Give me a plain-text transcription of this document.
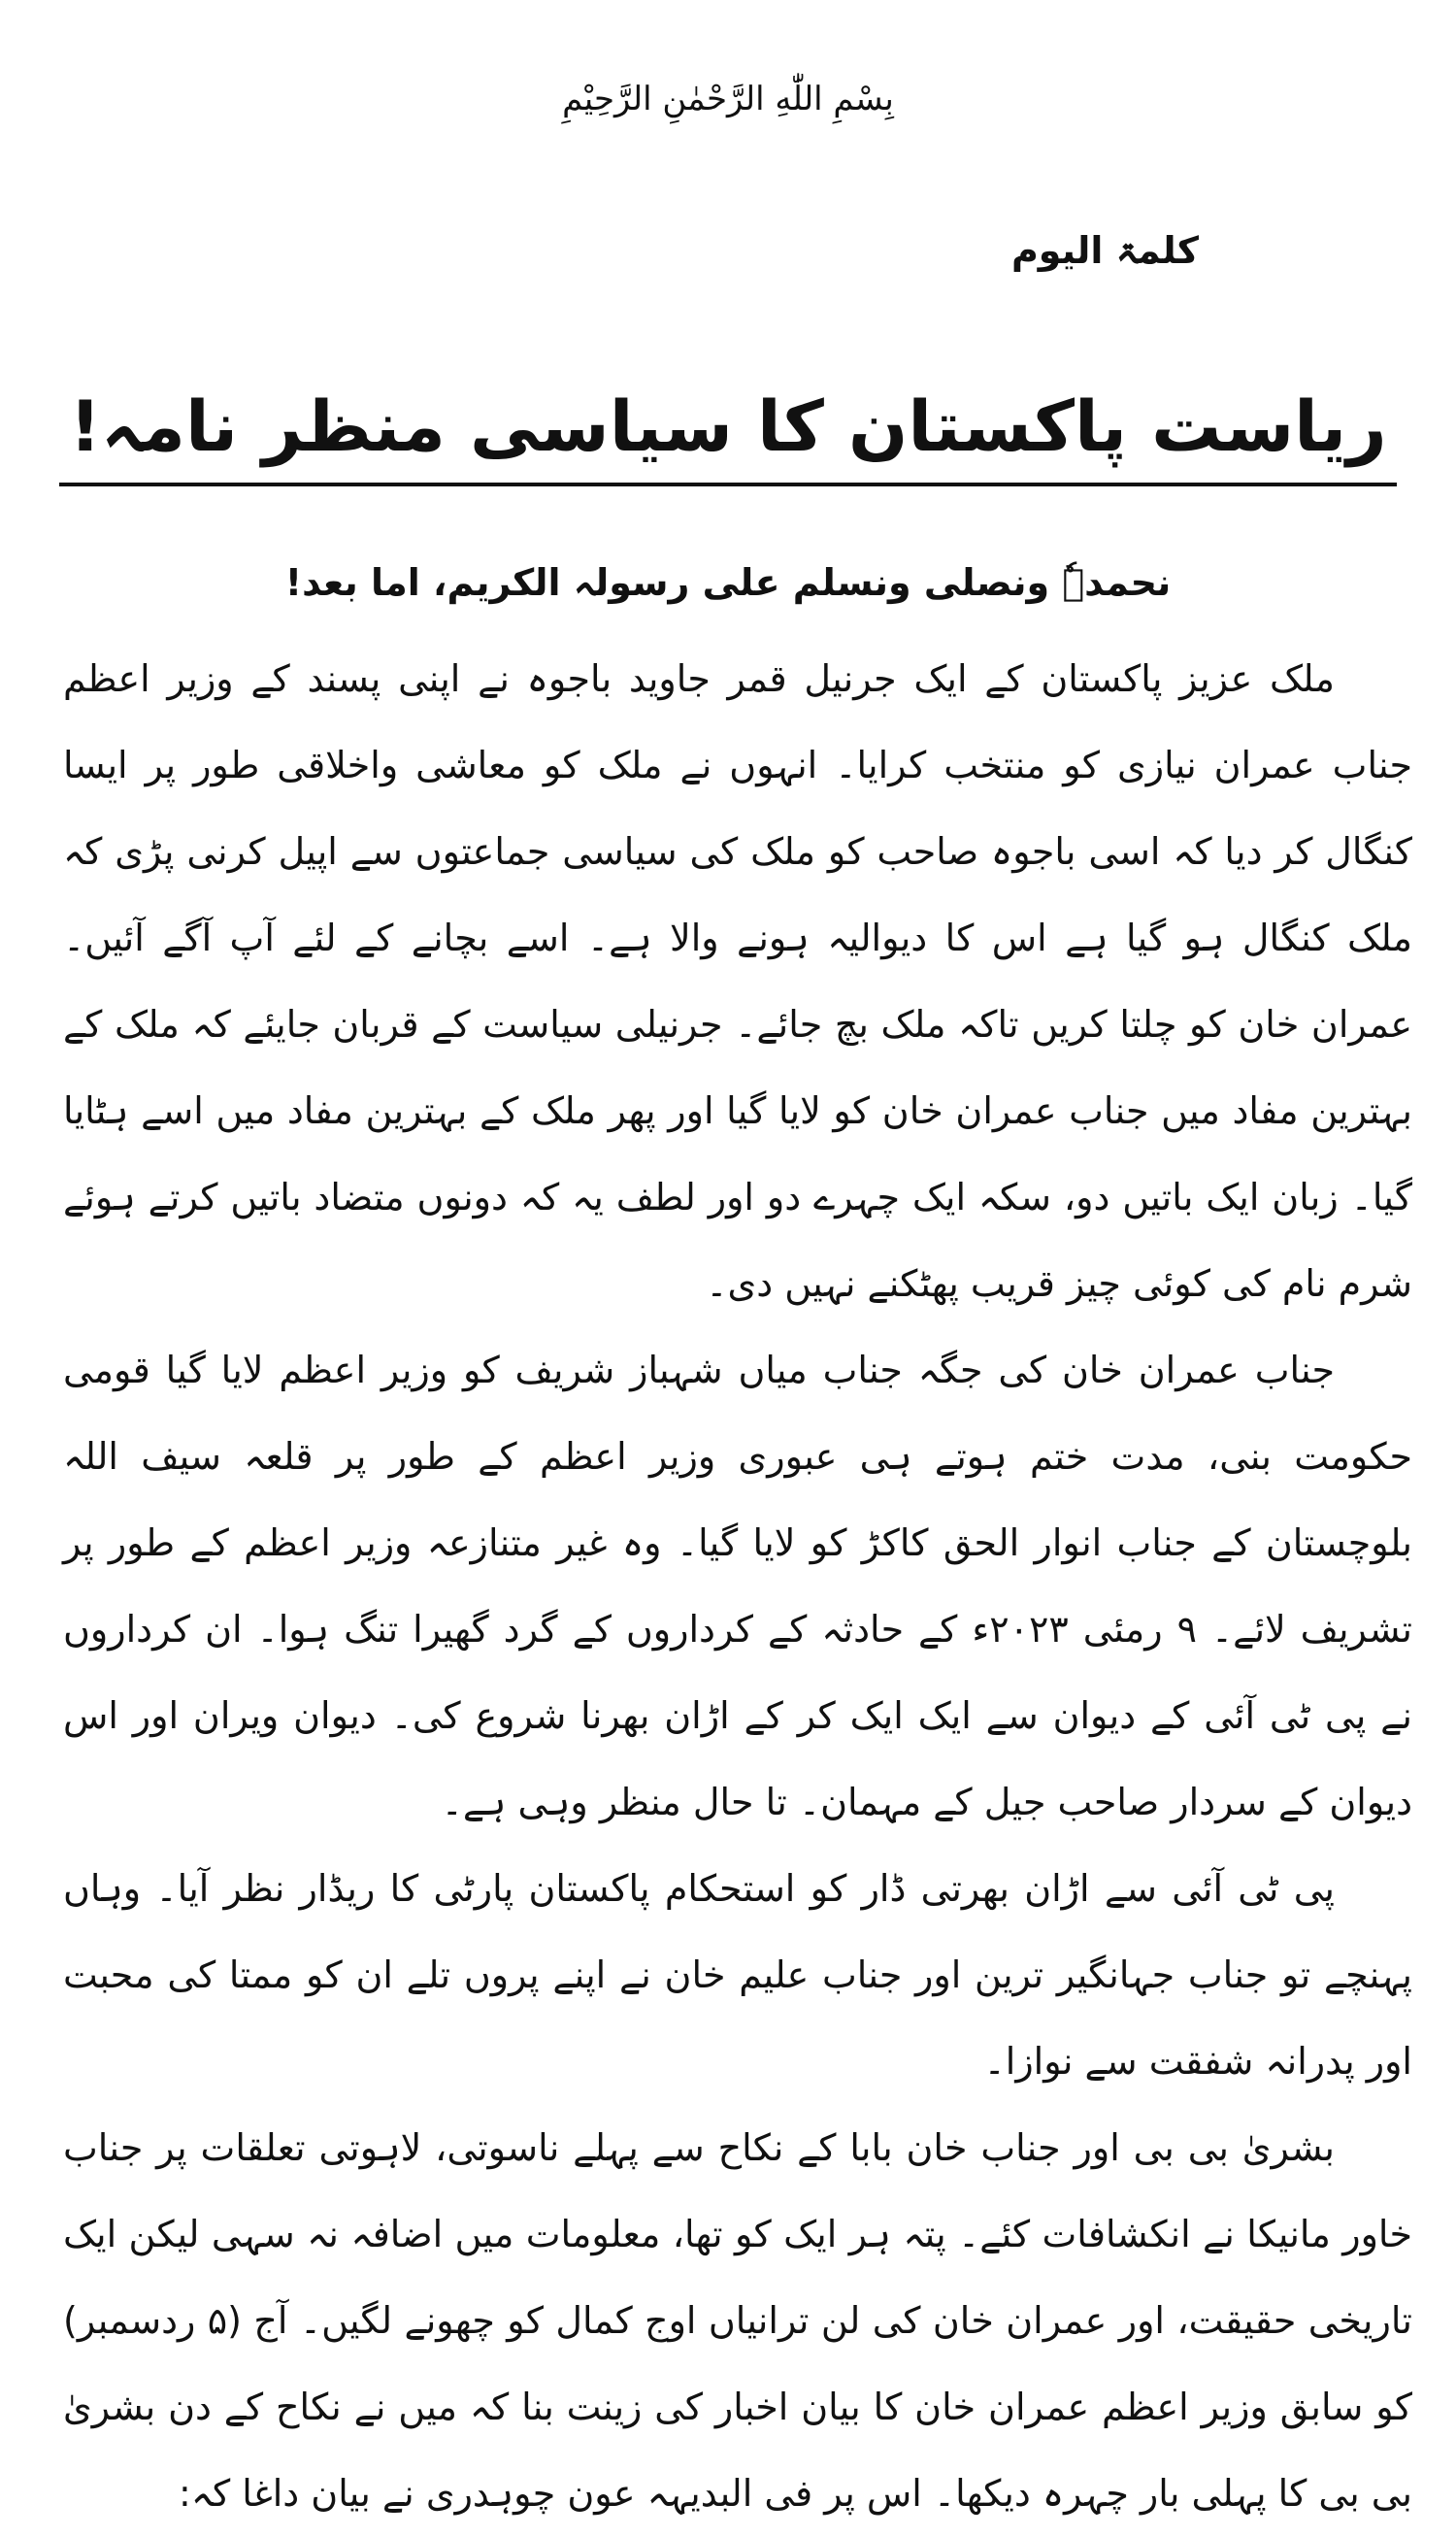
بِسْمِ اللّٰهِ الرَّحْمٰنِ الرَّحِيْمِ
کلمۃ الیوم
ریاست پاکستان کا سیاسی منظر نامہ!
نحمدہٗ ونصلی ونسلم علی رسولہ الکریم، اما بعد!

ملک عزیز پاکستان کے ایک جرنیل قمر جاوید باجوہ نے اپنی پسند کے وزیر اعظم جناب عمران نیازی کو منتخب کرایا۔ انہوں نے ملک کو معاشی واخلاقی طور پر ایسا کنگال کر دیا کہ اسی باجوہ صاحب کو ملک کی سیاسی جماعتوں سے اپیل کرنی پڑی کہ ملک کنگال ہو گیا ہے اس کا دیوالیہ ہونے والا ہے۔ اسے بچانے کے لئے آپ آگے آئیں۔ عمران خان کو چلتا کریں تاکہ ملک بچ جائے۔ جرنیلی سیاست کے قربان جایئے کہ ملک کے بہترین مفاد میں جناب عمران خان کو لایا گیا اور پھر ملک کے بہترین مفاد میں اسے ہٹایا گیا۔ زبان ایک باتیں دو، سکہ ایک چہرے دو اور لطف یہ کہ دونوں متضاد باتیں کرتے ہوئے شرم نام کی کوئی چیز قریب پھٹکنے نہیں دی۔

جناب عمران خان کی جگہ جناب میاں شہباز شریف کو وزیر اعظم لایا گیا قومی حکومت بنی، مدت ختم ہوتے ہی عبوری وزیر اعظم کے طور پر قلعہ سیف اللہ بلوچستان کے جناب انوار الحق کاکڑ کو لایا گیا۔ وہ غیر متنازعہ وزیر اعظم کے طور پر تشریف لائے۔ ۹ رمئی ۲۰۲۳ء کے حادثہ کے کرداروں کے گرد گھیرا تنگ ہوا۔ ان کرداروں نے پی ٹی آئی کے دیوان سے ایک ایک کر کے اڑان بھرنا شروع کی۔ دیوان ویران اور اس دیوان کے سردار صاحب جیل کے مہمان۔ تا حال منظر وہی ہے۔

پی ٹی آئی سے اڑان بھرتی ڈار کو استحکام پاکستان پارٹی کا ریڈار نظر آیا۔ وہاں پہنچے تو جناب جہانگیر ترین اور جناب علیم خان نے اپنے پروں تلے ان کو ممتا کی محبت اور پدرانہ شفقت سے نوازا۔

بشریٰ بی بی اور جناب خان بابا کے نکاح سے پہلے ناسوتی، لاہوتی تعلقات پر جناب خاور مانیکا نے انکشافات کئے۔ پتہ ہر ایک کو تھا، معلومات میں اضافہ نہ سہی لیکن ایک تاریخی حقیقت، اور عمران خان کی لن ترانیاں اوج کمال کو چھونے لگیں۔ آج (۵ ردسمبر) کو سابق وزیر اعظم عمران خان کا بیان اخبار کی زینت بنا کہ میں نے نکاح کے دن بشریٰ بی بی کا پہلی بار چہرہ دیکھا۔ اس پر فی البدیہہ عون چوہدری نے بیان داغا کہ:
